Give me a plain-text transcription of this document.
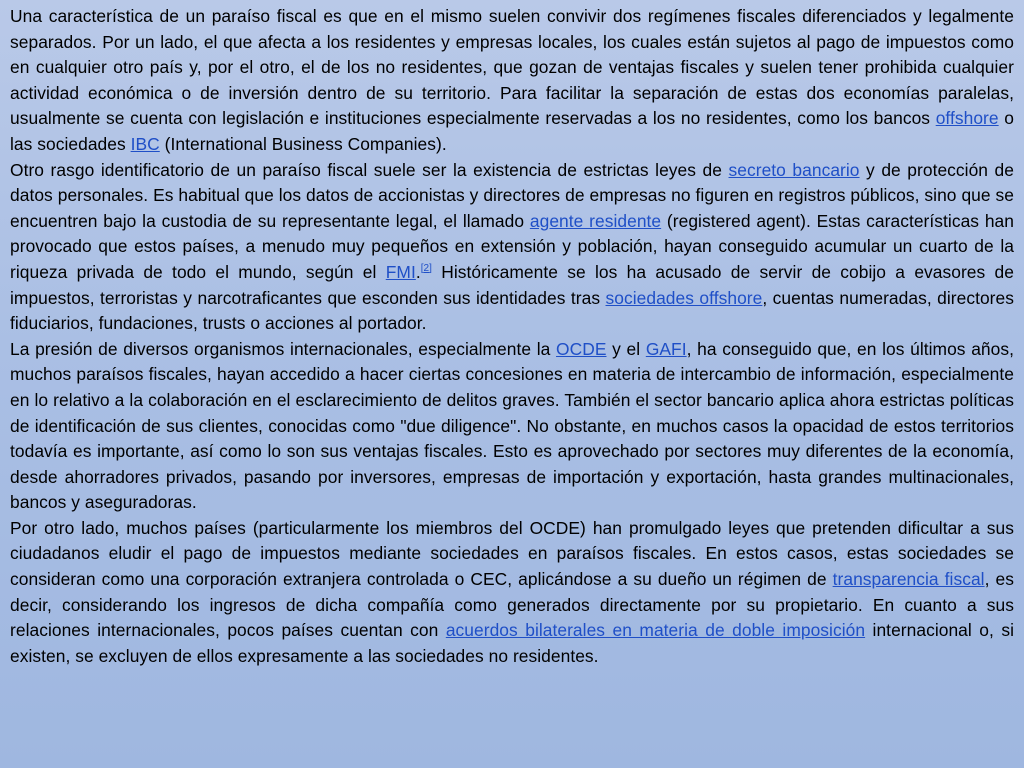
Una característica de un paraíso fiscal es que en el mismo suelen convivir dos regímenes fiscales diferenciados y legalmente separados. Por un lado, el que afecta a los residentes y empresas locales, los cuales están sujetos al pago de impuestos como en cualquier otro país y, por el otro, el de los no residentes, que gozan de ventajas fiscales y suelen tener prohibida cualquier actividad económica o de inversión dentro de su territorio. Para facilitar la separación de estas dos economías paralelas, usualmente se cuenta con legislación e instituciones especialmente reservadas a los no residentes, como los bancos offshore o las sociedades IBC (International Business Companies).

Otro rasgo identificatorio de un paraíso fiscal suele ser la existencia de estrictas leyes de secreto bancario y de protección de datos personales. Es habitual que los datos de accionistas y directores de empresas no figuren en registros públicos, sino que se encuentren bajo la custodia de su representante legal, el llamado agente residente (registered agent). Estas características han provocado que estos países, a menudo muy pequeños en extensión y población, hayan conseguido acumular un cuarto de la riqueza privada de todo el mundo, según el FMI.[2] Históricamente se los ha acusado de servir de cobijo a evasores de impuestos, terroristas y narcotraficantes que esconden sus identidades tras sociedades offshore, cuentas numeradas, directores fiduciarios, fundaciones, trusts o acciones al portador.

La presión de diversos organismos internacionales, especialmente la OCDE y el GAFI, ha conseguido que, en los últimos años, muchos paraísos fiscales, hayan accedido a hacer ciertas concesiones en materia de intercambio de información, especialmente en lo relativo a la colaboración en el esclarecimiento de delitos graves. También el sector bancario aplica ahora estrictas políticas de identificación de sus clientes, conocidas como "due diligence". No obstante, en muchos casos la opacidad de estos territorios todavía es importante, así como lo son sus ventajas fiscales. Esto es aprovechado por sectores muy diferentes de la economía, desde ahorradores privados, pasando por inversores, empresas de importación y exportación, hasta grandes multinacionales, bancos y aseguradoras.

Por otro lado, muchos países (particularmente los miembros del OCDE) han promulgado leyes que pretenden dificultar a sus ciudadanos eludir el pago de impuestos mediante sociedades en paraísos fiscales. En estos casos, estas sociedades se consideran como una corporación extranjera controlada o CEC, aplicándose a su dueño un régimen de transparencia fiscal, es decir, considerando los ingresos de dicha compañía como generados directamente por su propietario. En cuanto a sus relaciones internacionales, pocos países cuentan con acuerdos bilaterales en materia de doble imposición internacional o, si existen, se excluyen de ellos expresamente a las sociedades no residentes.
